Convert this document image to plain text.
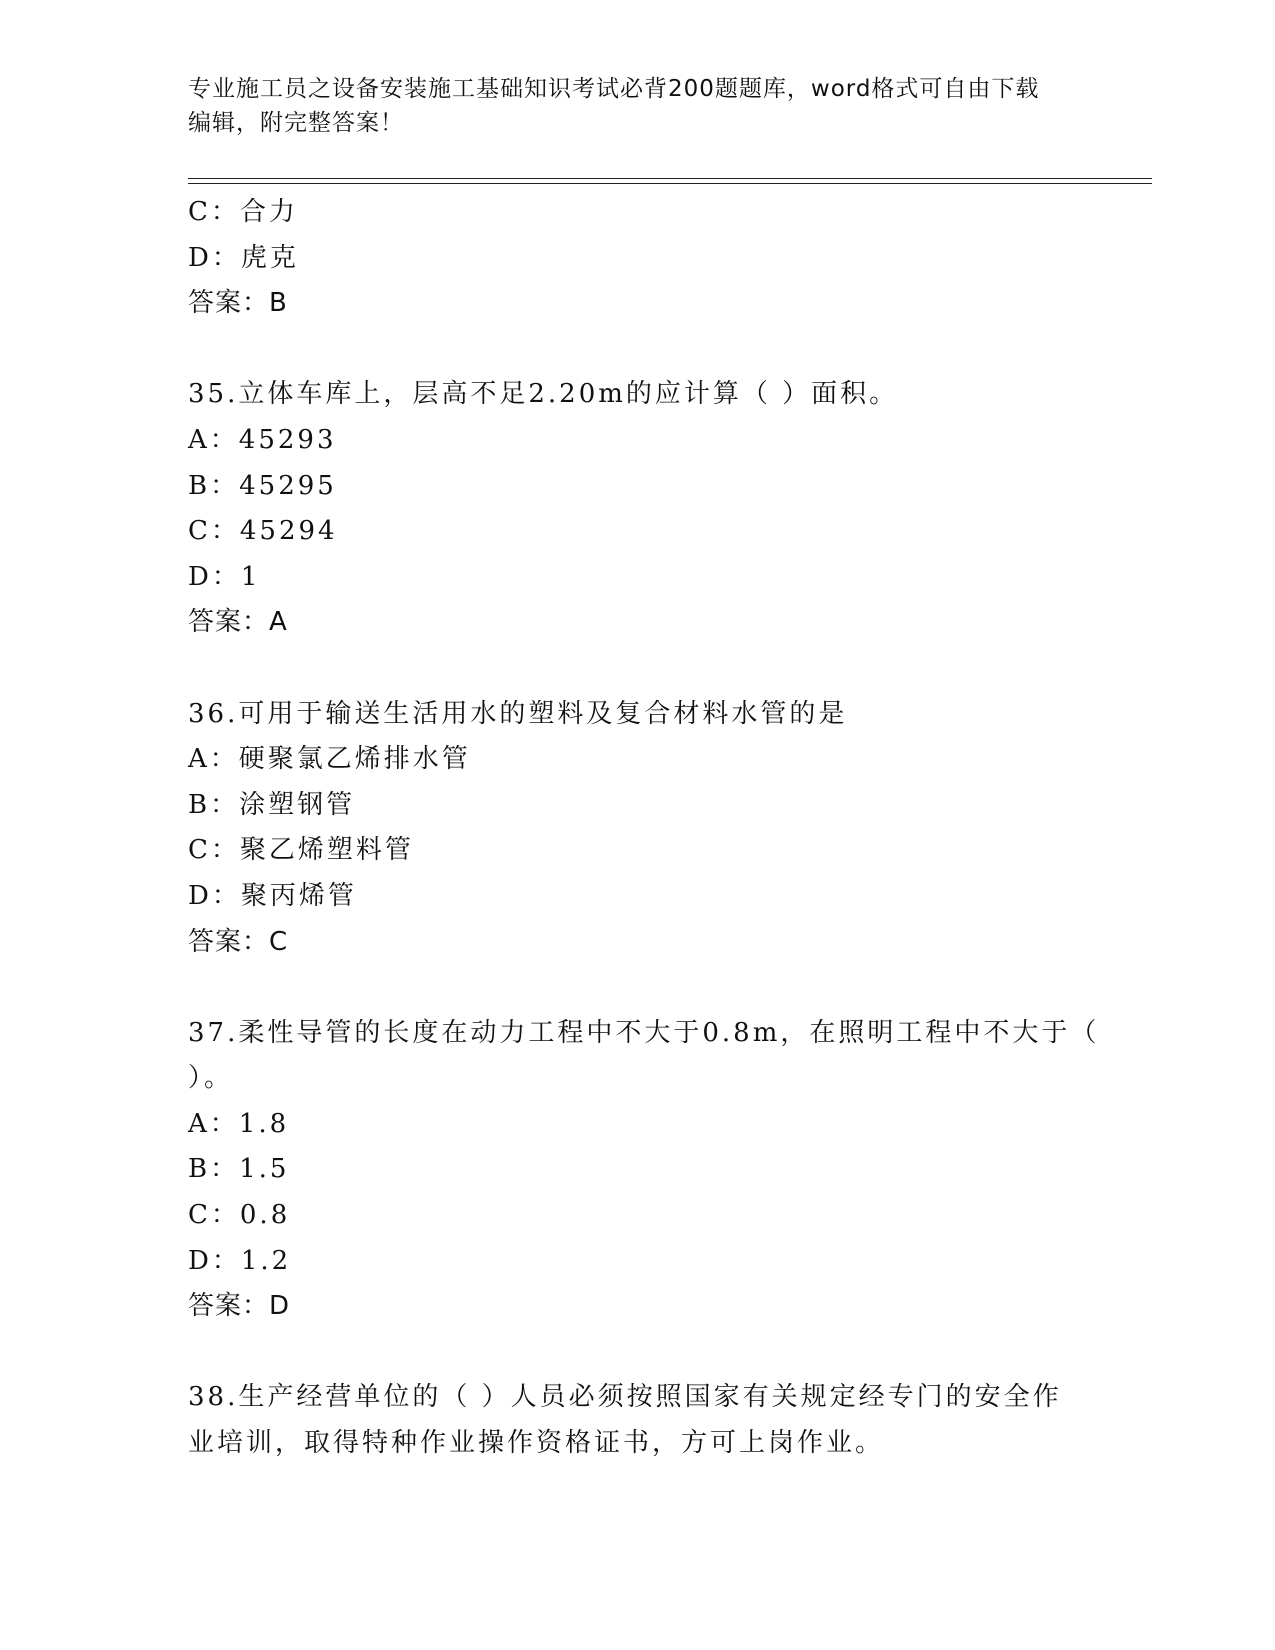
专业施工员之设备安装施工基础知识考试必背200题题库，word格式可自由下载
编辑，附完整答案！
C：合力
D：虎克
答案：B
35.立体车库上，层高不足2.20m的应计算（ ）面积。
A：45293
B：45295
C：45294
D：1
答案：A
36.可用于输送生活用水的塑料及复合材料水管的是
A：硬聚氯乙烯排水管
B：涂塑钢管
C：聚乙烯塑料管
D：聚丙烯管
答案：C
37.柔性导管的长度在动力工程中不大于0.8m，在照明工程中不大于（
）。
A：1.8
B：1.5
C：0.8
D：1.2
答案：D
38.生产经营单位的（ ）人员必须按照国家有关规定经专门的安全作
业培训，取得特种作业操作资格证书，方可上岗作业。
